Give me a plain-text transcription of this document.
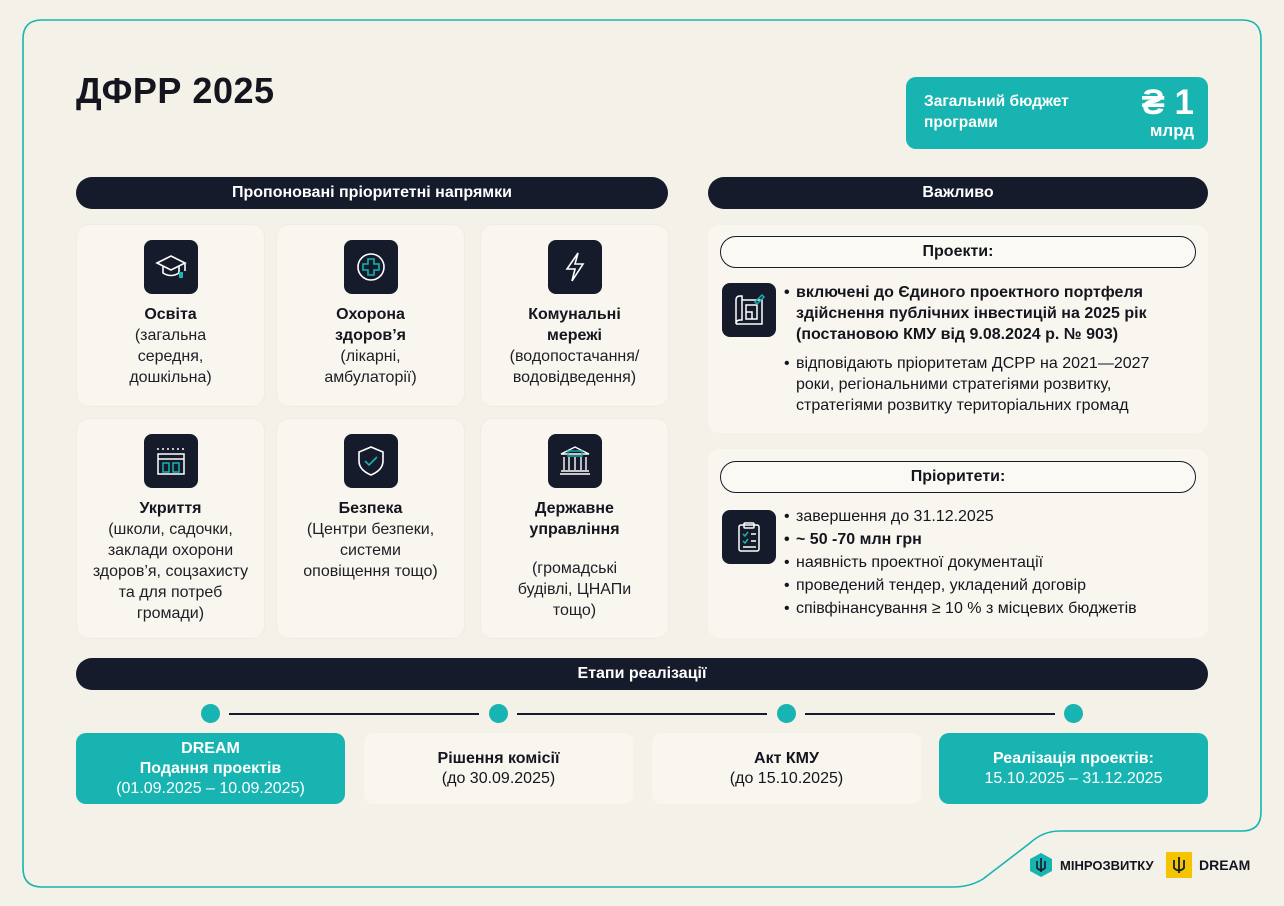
ДФРР 2025	Загальний бюджет програми
₴ 1
млрд
Пропоновані пріоритетні напрямки
Освіта
(загальна середня, дошкільна)
Охорона здоров’я
(лікарні, амбулаторії)
Комунальні мережі
(водопостачання/ водовідведення)
Укриття
(школи, садочки, заклади охорони здоров’я, соцзахисту та для потреб громади)
Безпека
(Центри безпеки, системи оповіщення тощо)
Державне управління
(громадські будівлі, ЦНАПи тощо)
Важливо
Проекти:
• включені до Єдиного проектного портфеля здійснення публічних інвестицій на 2025 рік (постановою КМУ від 9.08.2024 р. № 903)
• відповідають пріоритетам ДСРР на 2021—2027 роки, регіональними стратегіями розвитку, стратегіями розвитку територіальних громад
Пріоритети:
• завершення до 31.12.2025
• ~ 50 -70 млн грн
• наявність проектної документації
• проведений тендер, укладений договір
• співфінансування ≥ 10 % з місцевих бюджетів
Етапи реалізації
DREAM
Подання проектів
(01.09.2025 – 10.09.2025)
Рішення комісії
(до 30.09.2025)
Акт КМУ
(до 15.10.2025)
Реалізація проектів:
15.10.2025 – 31.12.2025
МІНРОЗВИТКУ	DREAM
